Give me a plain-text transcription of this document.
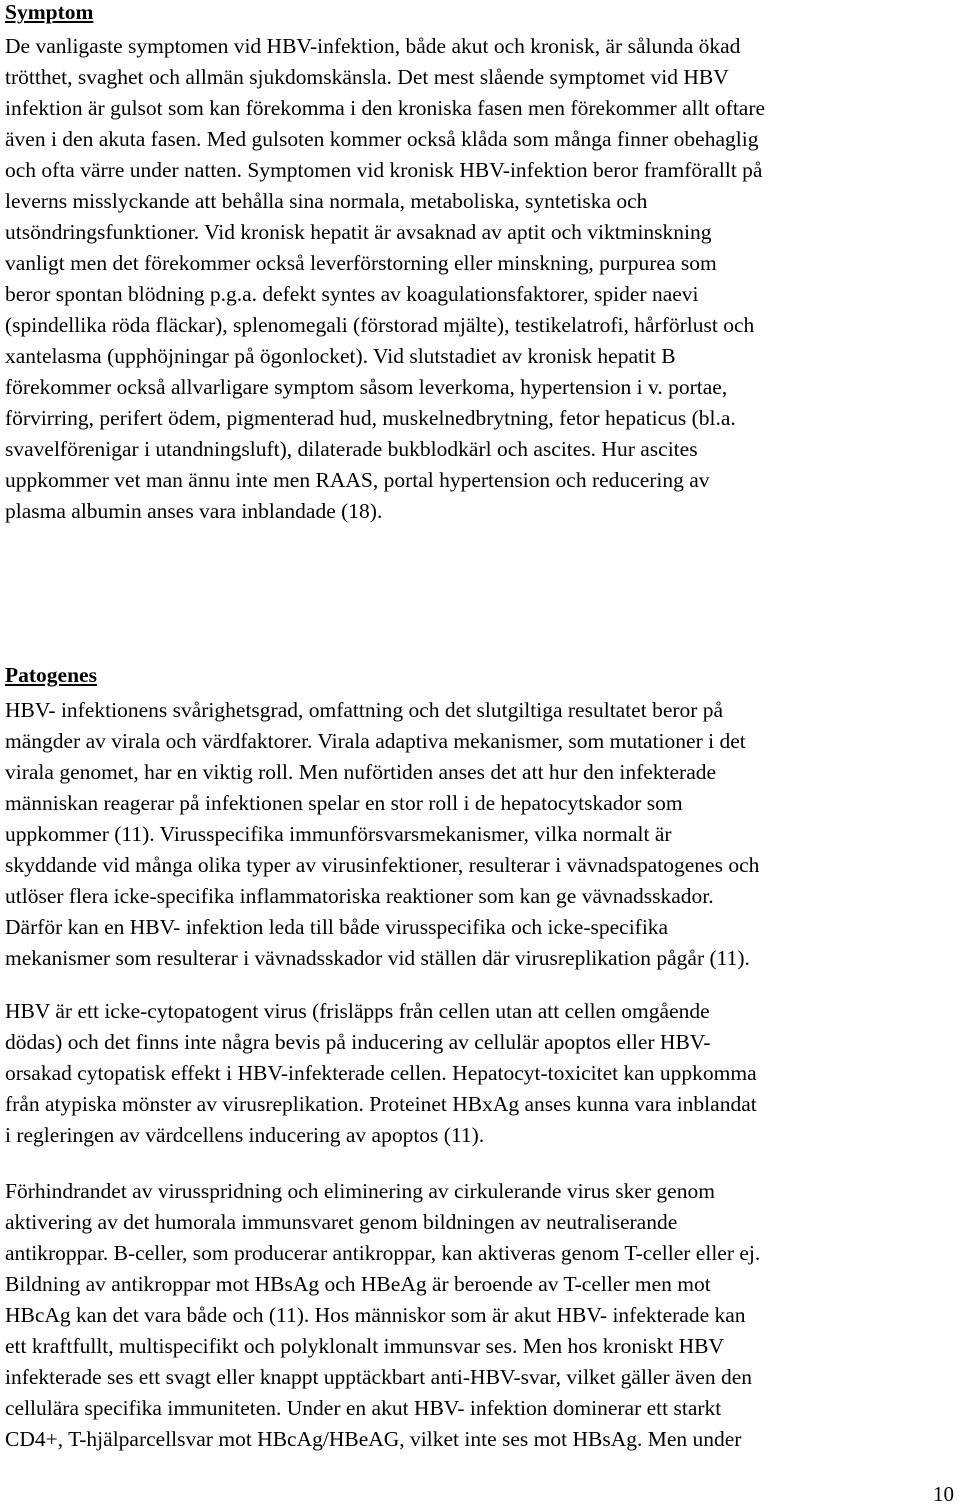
Symptom

De vanligaste symptomen vid HBV-infektion, både akut och kronisk, är sålunda ökad
trötthet, svaghet och allmän sjukdomskänsla. Det mest slående symptomet vid HBV
infektion är gulsot som kan förekomma i den kroniska fasen men förekommer allt oftare
även i den akuta fasen. Med gulsoten kommer också klåda som många finner obehaglig
och ofta värre under natten. Symptomen vid kronisk HBV-infektion beror framförallt på
leverns misslyckande att behålla sina normala, metaboliska, syntetiska och
utsöndringsfunktioner. Vid kronisk hepatit är avsaknad av aptit och viktminskning
vanligt men det förekommer också leverförstorning eller minskning, purpurea som
beror spontan blödning p.g.a. defekt syntes av koagulationsfaktorer, spider naevi
(spindellika röda fläckar), splenomegali (förstorad mjälte), testikelatrofi, hårförlust och
xantelasma (upphöjningar på ögonlocket). Vid slutstadiet av kronisk hepatit B
förekommer också allvarligare symptom såsom leverkoma, hypertension i v. portae,
förvirring, perifert ödem, pigmenterad hud, muskelnedbrytning, fetor hepaticus (bl.a.
svavelförenigar i utandningsluft), dilaterade bukblodkärl och ascites. Hur ascites
uppkommer vet man ännu inte men RAAS, portal hypertension och reducering av
plasma albumin anses vara inblandade (18).

Patogenes

HBV- infektionens svårighetsgrad, omfattning och det slutgiltiga resultatet beror på
mängder av virala och värdfaktorer. Virala adaptiva mekanismer, som mutationer i det
virala genomet, har en viktig roll. Men nuförtiden anses det att hur den infekterade
människan reagerar på infektionen spelar en stor roll i de hepatocytskador som
uppkommer (11). Virusspecifika immunförsvarsmekanismer, vilka normalt är
skyddande vid många olika typer av virusinfektioner, resulterar i vävnadspatogenes och
utlöser flera icke-specifika inflammatoriska reaktioner som kan ge vävnadsskador.
Därför kan en HBV- infektion leda till både virusspecifika och icke-specifika
mekanismer som resulterar i vävnadsskador vid ställen där virusreplikation pågår (11).

HBV är ett icke-cytopatogent virus (frisläpps från cellen utan att cellen omgående
dödas) och det finns inte några bevis på inducering av cellulär apoptos eller HBV-
orsakad cytopatisk effekt i HBV-infekterade cellen. Hepatocyt-toxicitet kan uppkomma
från atypiska mönster av virusreplikation. Proteinet HBxAg anses kunna vara inblandat
i regleringen av värdcellens inducering av apoptos (11).

Förhindrandet av virusspridning och eliminering av cirkulerande virus sker genom
aktivering av det humorala immunsvaret genom bildningen av neutraliserande
antikroppar. B-celler, som producerar antikroppar, kan aktiveras genom T-celler eller ej.
Bildning av antikroppar mot HBsAg och HBeAg är beroende av T-celler men mot
HBcAg kan det vara både och (11). Hos människor som är akut HBV- infekterade kan
ett kraftfullt, multispecifikt och polyklonalt immunsvar ses. Men hos kroniskt HBV
infekterade ses ett svagt eller knappt upptäckbart anti-HBV-svar, vilket gäller även den
cellulära specifika immuniteten. Under en akut HBV- infektion dominerar ett starkt
CD4+, T-hjälparcellsvar mot HBcAg/HBeAG, vilket inte ses mot HBsAg. Men under

10
